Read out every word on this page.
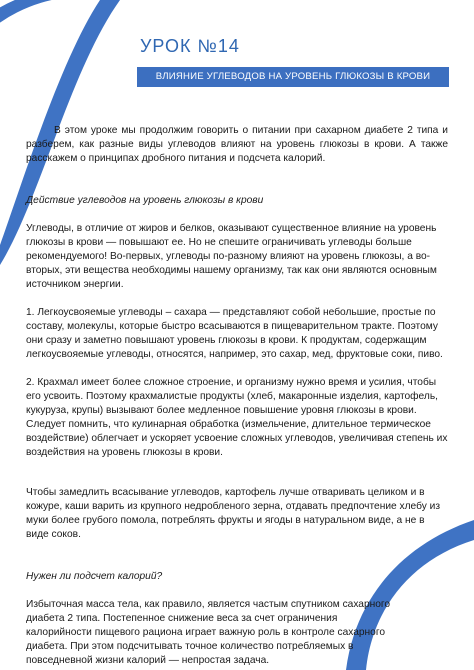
УРОК №14
ВЛИЯНИЕ УГЛЕВОДОВ НА УРОВЕНЬ ГЛЮКОЗЫ В КРОВИ

В этом уроке мы продолжим говорить о питании при сахарном диабете 2 типа и разберем, как разные виды углеводов влияют на уровень глюкозы в крови. А также расскажем о принципах дробного питания и подсчета калорий.

Действие углеводов на уровень глюкозы в крови

Углеводы, в отличие от жиров и белков, оказывают существенное влияние на уровень глюкозы в крови — повышают ее. Но не спешите ограничивать углеводы больше рекомендуемого! Во-первых, углеводы по-разному влияют на уровень глюкозы, а во-вторых, эти вещества необходимы нашему организму, так как они являются основным источником энергии.

1. Легкоусвояемые углеводы – сахара — представляют собой небольшие, простые по составу, молекулы, которые быстро всасываются в пищеварительном тракте. Поэтому они сразу и заметно повышают уровень глюкозы в крови. К продуктам, содержащим легкоусвояемые углеводы, относятся, например, это сахар, мед, фруктовые соки, пиво.

2. Крахмал имеет более сложное строение, и организму нужно время и усилия, чтобы его усвоить. Поэтому крахмалистые продукты (хлеб, макаронные изделия, картофель, кукуруза, крупы) вызывают более медленное повышение уровня глюкозы в крови. Следует помнить, что кулинарная обработка (измельчение, длительное термическое воздействие) облегчает и ускоряет усвоение сложных углеводов, увеличивая степень их воздействия на уровень глюкозы в крови.

Чтобы замедлить всасывание углеводов, картофель лучше отваривать целиком и в кожуре, каши варить из крупного недробленого зерна, отдавать предпочтение хлебу из муки более грубого помола, потреблять фрукты и ягоды в натуральном виде, а не в виде соков.

Нужен ли подсчет калорий?

Избыточная масса тела, как правило, является частым спутником сахарного диабета 2 типа. Постепенное снижение веса за счет ограничения калорийности пищевого рациона играет важную роль в контроле сахарного диабета. При этом подсчитывать точное количество потребляемых в повседневной жизни калорий — непростая задача.
